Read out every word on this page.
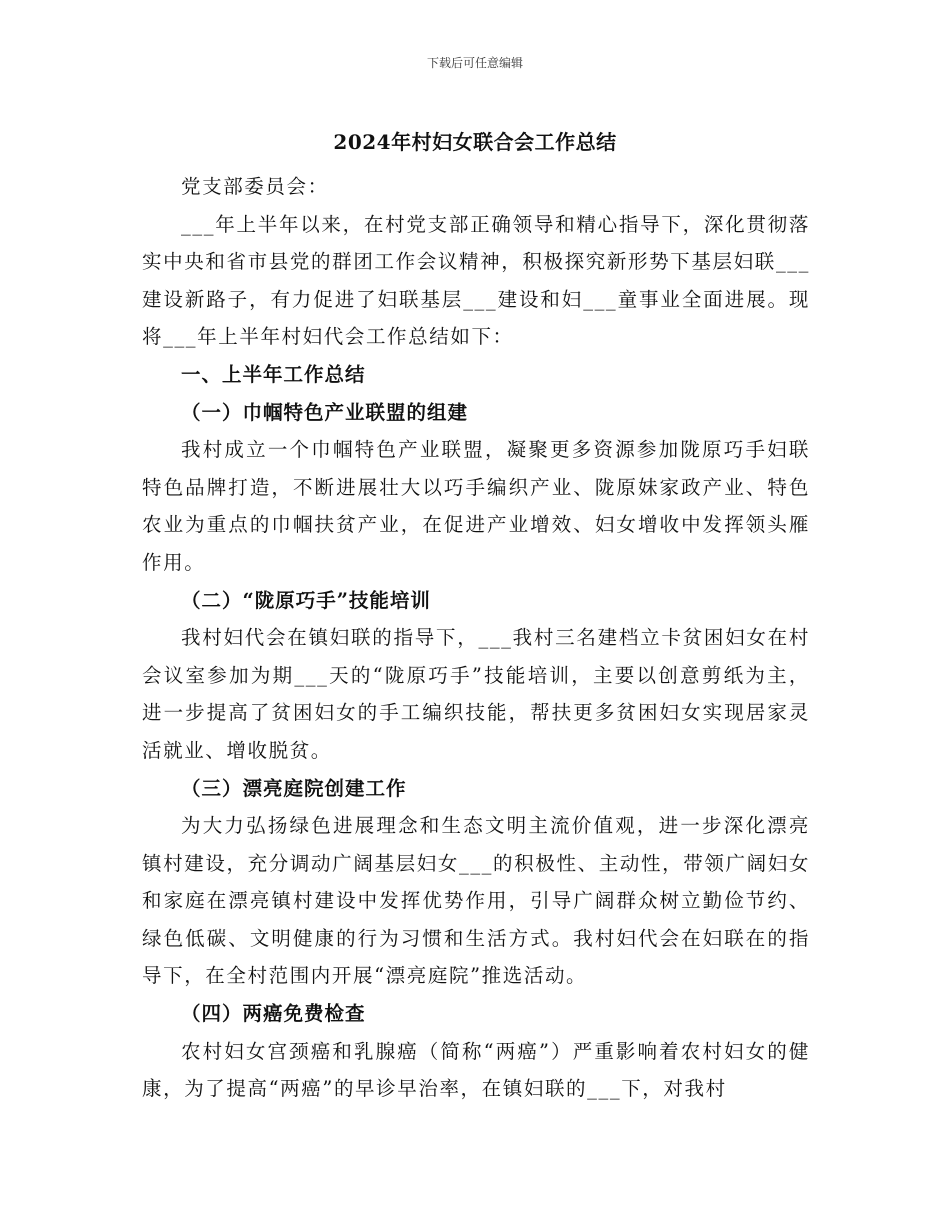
下载后可任意编辑
2024年村妇女联合会工作总结

党支部委员会：

___年上半年以来，在村党支部正确领导和精心指导下，深化贯彻落实中央和省市县党的群团工作会议精神，积极探究新形势下基层妇联___建设新路子，有力促进了妇联基层___建设和妇___童事业全面进展。现将___年上半年村妇代会工作总结如下：

一、上半年工作总结
（一）巾帼特色产业联盟的组建

我村成立一个巾帼特色产业联盟，凝聚更多资源参加陇原巧手妇联特色品牌打造，不断进展壮大以巧手编织产业、陇原妹家政产业、特色农业为重点的巾帼扶贫产业，在促进产业增效、妇女增收中发挥领头雁作用。

（二）“陇原巧手”技能培训

我村妇代会在镇妇联的指导下，___我村三名建档立卡贫困妇女在村会议室参加为期___天的“陇原巧手”技能培训，主要以创意剪纸为主，进一步提高了贫困妇女的手工编织技能，帮扶更多贫困妇女实现居家灵活就业、增收脱贫。

（三）漂亮庭院创建工作

为大力弘扬绿色进展理念和生态文明主流价值观，进一步深化漂亮镇村建设，充分调动广阔基层妇女___的积极性、主动性，带领广阔妇女和家庭在漂亮镇村建设中发挥优势作用，引导广阔群众树立勤俭节约、绿色低碳、文明健康的行为习惯和生活方式。我村妇代会在妇联在的指导下，在全村范围内开展“漂亮庭院”推选活动。

（四）两癌免费检查

农村妇女宫颈癌和乳腺癌（简称“两癌”）严重影响着农村妇女的健康，为了提高“两癌”的早诊早治率，在镇妇联的___下，对我村
